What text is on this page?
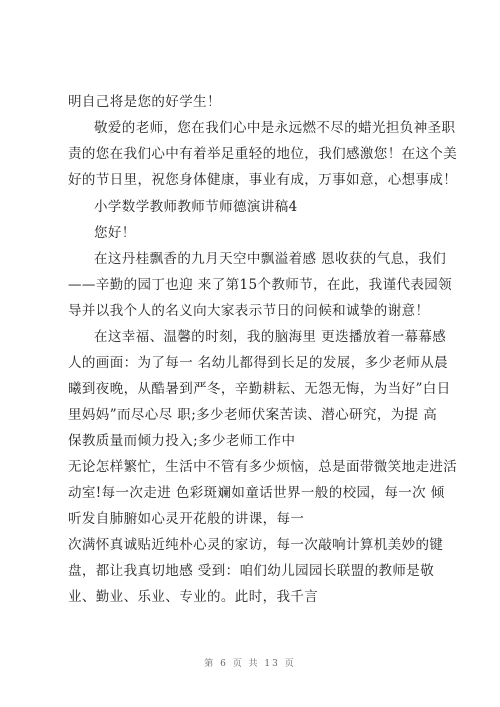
明自己将是您的好学生！
敬爱的老师，您在我们心中是永远燃不尽的蜡光担负神圣职
责的您在我们心中有着举足重轻的地位，我们感激您！在这个美
好的节日里，祝您身体健康，事业有成，万事如意，心想事成！
小学数学教师教师节师德演讲稿4
您好！
在这丹桂飘香的九月天空中飘溢着感 恩收获的气息，我们
——辛勤的园丁也迎 来了第15个教师节，在此，我谨代表园领
导并以我个人的名义向大家表示节日的问候和诚挚的谢意！
在这幸福、温馨的时刻，我的脑海里 更迭播放着一幕幕感
人的画面：为了每一 名幼儿都得到长足的发展，多少老师从晨
曦到夜晚，从酷暑到严冬，辛勤耕耘、无怨无悔，为当好”白日
里妈妈”而尽心尽 职;多少老师伏案苦读、潜心研究，为提 高
保教质量而倾力投入;多少老师工作中
无论怎样繁忙，生活中不管有多少烦恼，总是面带微笑地走进活
动室!每一次走进 色彩斑斓如童话世界一般的校园，每一次 倾
听发自肺腑如心灵开花般的讲课，每一
次满怀真诚贴近纯朴心灵的家访，每一次敲响计算机美妙的键
盘，都让我真切地感 受到：咱们幼儿园园长联盟的教师是敬
业、勤业、乐业、专业的。此时，我千言
第 6 页 共 13 页
